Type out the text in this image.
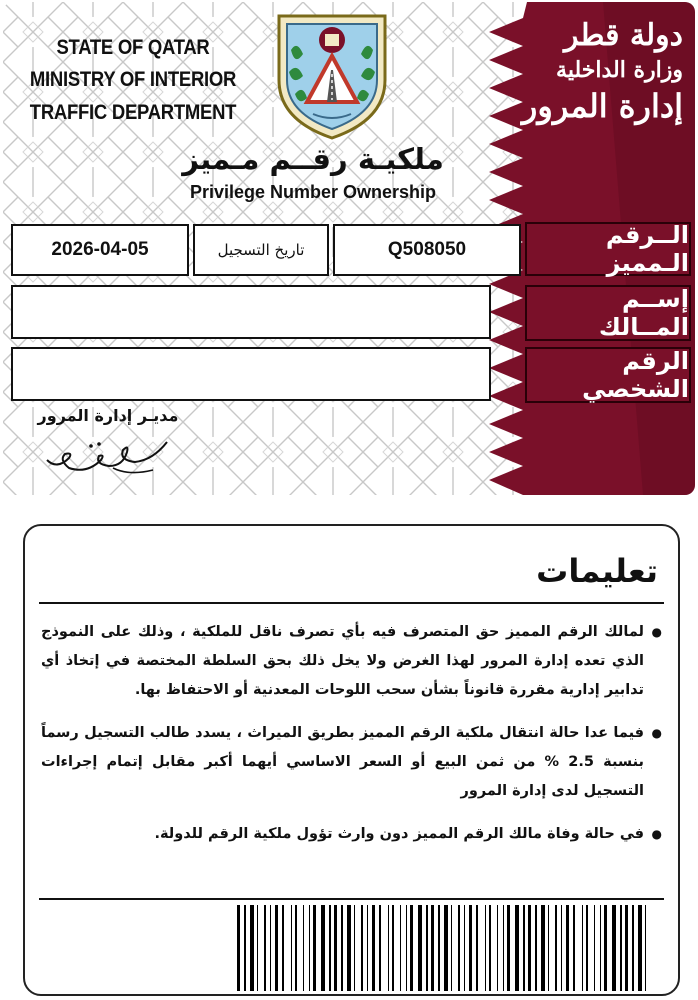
STATE OF QATAR
MINISTRY OF INTERIOR
TRAFFIC DEPARTMENT
ملكيـة رقــم مـميز
Privilege Number Ownership
دولة قطر
وزارة الداخلية
إدارة المرور
2026-04-05	تاريخ التسجيل	Q508050
الــرقم الـمميز
إســم المــالك
الرقم الشخصي
مديـر إدارة المرور
تعليمات
● لمالك الرقم المميز حق المتصرف فيه بأي تصرف ناقل للملكية ، وذلك على النموذج الذي تعده إدارة المرور لهذا الغرض ولا يخل ذلك بحق السلطة المختصة في إتخاذ أي تدابير إدارية مقررة قانوناً بشأن سحب اللوحات المعدنية أو الاحتفاظ بها.
● فيما عدا حالة انتقال ملكية الرقم المميز بطريق الميراث ، يسدد طالب التسجيل رسماً بنسبة 2.5 % من ثمن البيع أو السعر الاساسي أيهما أكبر مقابل إتمام إجراءات التسجيل لدى إدارة المرور
● في حالة وفاة مالك الرقم المميز دون وارث تؤول ملكية الرقم للدولة.
